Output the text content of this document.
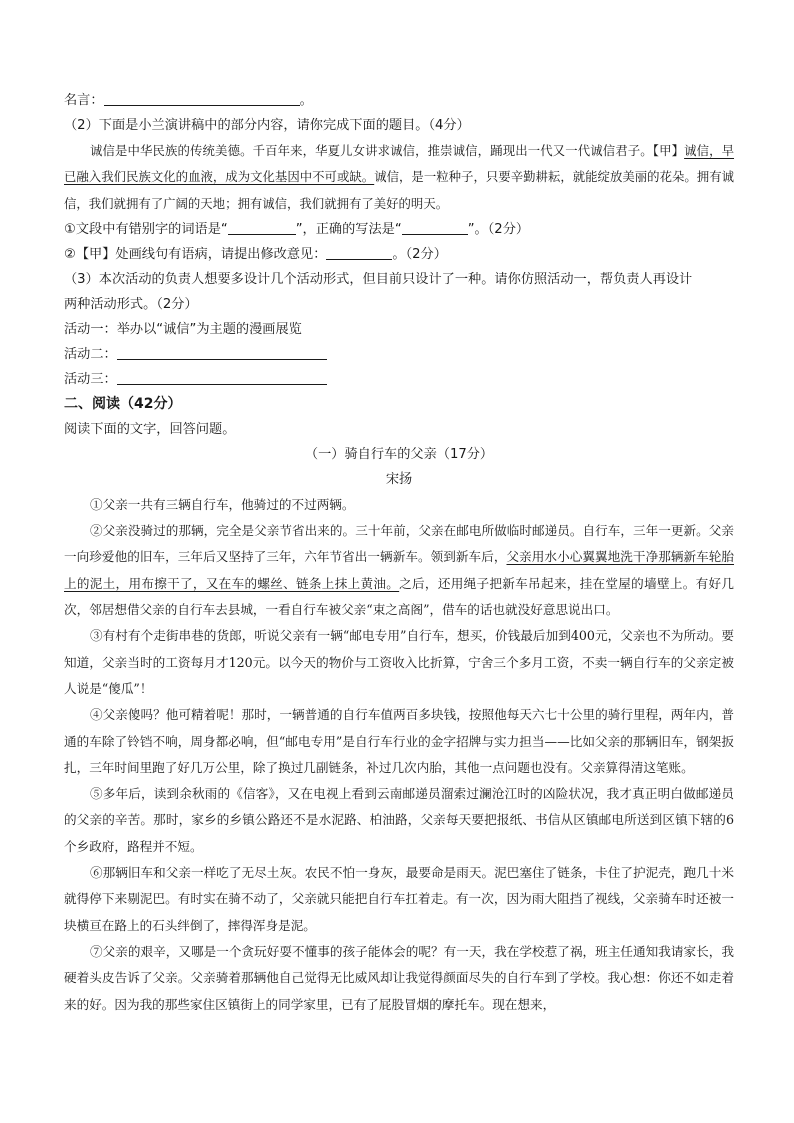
名言：	。
（2）下面是小兰演讲稿中的部分内容，请你完成下面的题目。（4分）
诚信是中华民族的传统美德。千百年来，华夏儿女讲求诚信，推崇诚信，踊现出一代又一代诚信君子。【甲】诚信，早已融入我们民族文化的血液，成为文化基因中不可或缺。诚信，是一粒种子，只要辛勤耕耘，就能绽放美丽的花朵。拥有诚信，我们就拥有了广阔的天地；拥有诚信，我们就拥有了美好的明天。
①文段中有错别字的词语是“	”，正确的写法是“	”。（2分）
②【甲】处画线句有语病，请提出修改意见：	。（2分）
（3）本次活动的负责人想要多设计几个活动形式，但目前只设计了一种。请你仿照活动一，帮负责人再设计
两种活动形式。（2分）
活动一：举办以“诚信”为主题的漫画展览
活动二：
活动三：
二、阅读（42分）
阅读下面的文字，回答问题。
（一）骑自行车的父亲（17分）
宋扬
①父亲一共有三辆自行车，他骑过的不过两辆。
②父亲没骑过的那辆，完全是父亲节省出来的。三十年前，父亲在邮电所做临时邮递员。自行车，三年一更新。父亲一向珍爱他的旧车，三年后又坚持了三年，六年节省出一辆新车。领到新车后，父亲用水小心翼翼地洗干净那辆新车轮胎上的泥土，用布擦干了，又在车的螺丝、链条上抹上黄油。之后，还用绳子把新车吊起来，挂在堂屋的墙壁上。有好几次，邻居想借父亲的自行车去县城，一看自行车被父亲“束之高阁”，借车的话也就没好意思说出口。
③有村有个走街串巷的货郎，听说父亲有一辆“邮电专用”自行车，想买，价钱最后加到400元，父亲也不为所动。要知道，父亲当时的工资每月才120元。以今天的物价与工资收入比折算，宁舍三个多月工资，不卖一辆自行车的父亲定被人说是“傻瓜”！
④父亲傻吗？他可精着呢！那时，一辆普通的自行车值两百多块钱，按照他每天六七十公里的骑行里程，两年内，普通的车除了铃铛不响，周身都必响，但“邮电专用”是自行车行业的金字招牌与实力担当——比如父亲的那辆旧车，钢架扳扎，三年时间里跑了好几万公里，除了换过几副链条，补过几次内胎，其他一点问题也没有。父亲算得清这笔账。
⑤多年后，读到余秋雨的《信客》，又在电视上看到云南邮递员溜索过澜沧江时的凶险状况，我才真正明白做邮递员的父亲的辛苦。那时，家乡的乡镇公路还不是水泥路、柏油路，父亲每天要把报纸、书信从区镇邮电所送到区镇下辖的6个乡政府，路程并不短。
⑥那辆旧车和父亲一样吃了无尽土灰。农民不怕一身灰，最要命是雨天。泥巴塞住了链条，卡住了护泥壳，跑几十米就得停下来剔泥巴。有时实在骑不动了，父亲就只能把自行车扛着走。有一次，因为雨大阻挡了视线，父亲骑车时还被一块横亘在路上的石头绊倒了，摔得浑身是泥。
⑦父亲的艰辛，又哪是一个贪玩好耍不懂事的孩子能体会的呢？有一天，我在学校惹了祸，班主任通知我请家长，我硬着头皮告诉了父亲。父亲骑着那辆他自己觉得无比威风却让我觉得颜面尽失的自行车到了学校。我心想：你还不如走着来的好。因为我的那些家住区镇街上的同学家里，已有了屁股冒烟的摩托车。现在想来，
